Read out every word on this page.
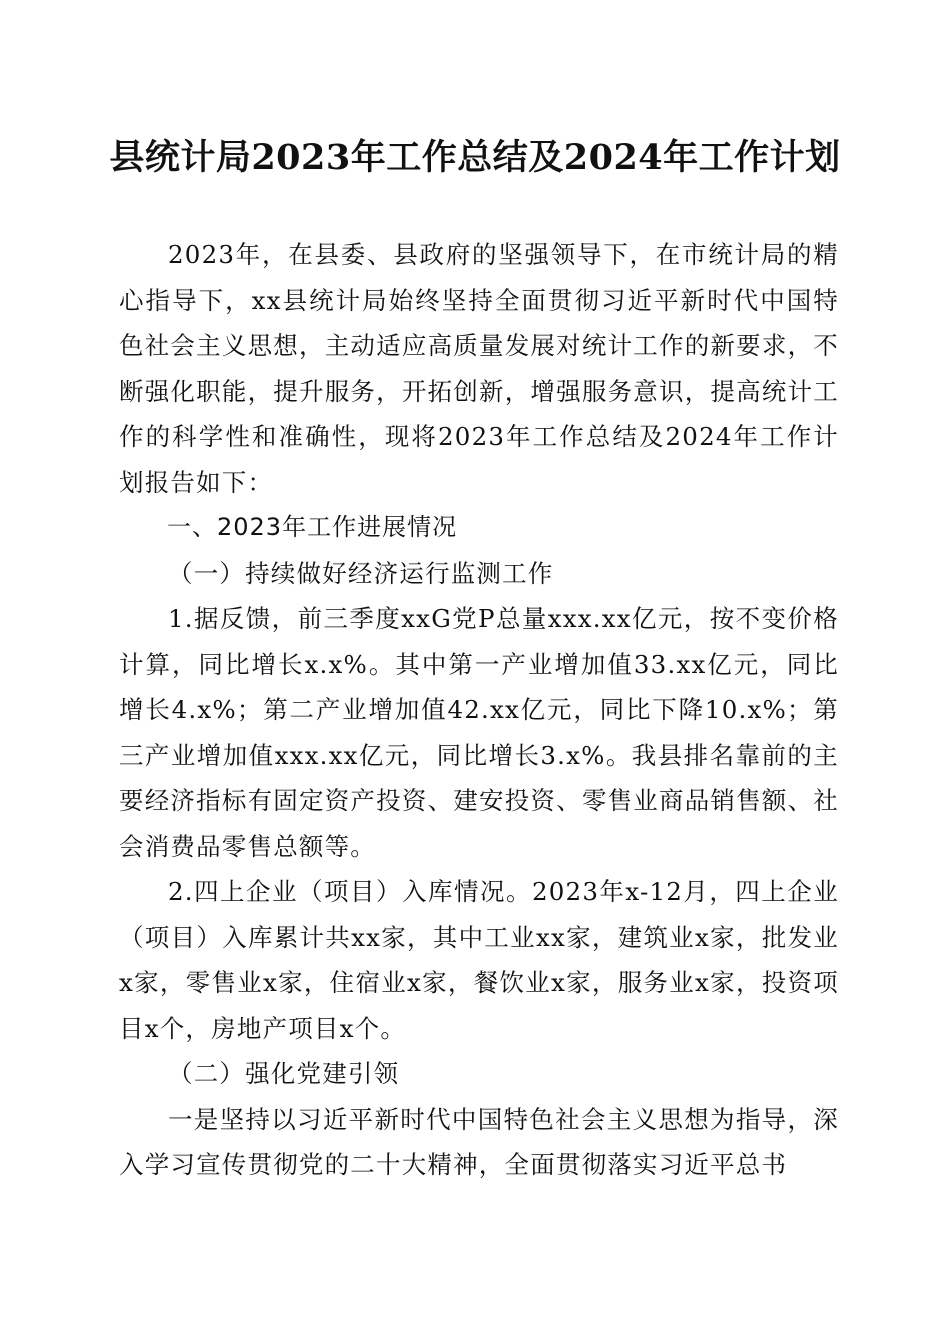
县统计局2023年工作总结及2024年工作计划

2023年，在县委、县政府的坚强领导下，在市统计局的精心指导下，xx县统计局始终坚持全面贯彻习近平新时代中国特色社会主义思想，主动适应高质量发展对统计工作的新要求，不断强化职能，提升服务，开拓创新，增强服务意识，提高统计工作的科学性和准确性，现将2023年工作总结及2024年工作计划报告如下：

一、2023年工作进展情况

（一）持续做好经济运行监测工作

1.据反馈，前三季度xxG党P总量xxx.xx亿元，按不变价格计算，同比增长x.x%。其中第一产业增加值33.xx亿元，同比增长4.x%；第二产业增加值42.xx亿元，同比下降10.x%；第三产业增加值xxx.xx亿元，同比增长3.x%。我县排名靠前的主要经济指标有固定资产投资、建安投资、零售业商品销售额、社会消费品零售总额等。

2.四上企业（项目）入库情况。2023年x-12月，四上企业（项目）入库累计共xx家，其中工业xx家，建筑业x家，批发业x家，零售业x家，住宿业x家，餐饮业x家，服务业x家，投资项目x个，房地产项目x个。

（二）强化党建引领

一是坚持以习近平新时代中国特色社会主义思想为指导，深入学习宣传贯彻党的二十大精神，全面贯彻落实习近平总书
